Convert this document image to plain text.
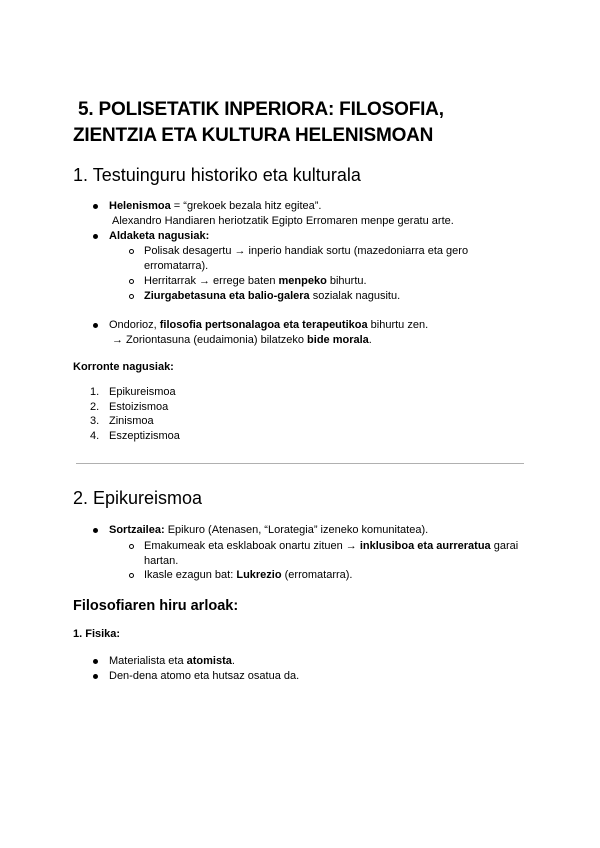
5. POLISETATIK INPERIORA: FILOSOFIA,
ZIENTZIA ETA KULTURA HELENISMOAN
1. Testuinguru historiko eta kulturala
Helenismoa = “grekoek bezala hitz egitea”.
Alexandro Handiaren heriotzatik Egipto Erromaren menpe geratu arte.
Aldaketa nagusiak:
Polisak desagertu → inperio handiak sortu (mazedoniarra eta gero
erromatarra).
Herritarrak → errege baten menpeko bihurtu.
Ziurgabetasuna eta balio-galera sozialak nagusitu.
Ondorioz, filosofia pertsonalagoa eta terapeutikoa bihurtu zen.
→ Zoriontasuna (eudaimonia) bilatzeko bide morala.
Korronte nagusiak:
1. Epikureismoa
2. Estoizismoa
3. Zinismoa
4. Eszeptizismoa
2. Epikureismoa
Sortzailea: Epikuro (Atenasen, “Lorategia” izeneko komunitatea).
Emakumeak eta esklaboak onartu zituen → inklusiboa eta aurreratua garai
hartan.
Ikasle ezagun bat: Lukrezio (erromatarra).
Filosofiaren hiru arloak:
1. Fisika:
Materialista eta atomista.
Den-dena atomo eta hutsaz osatua da.
